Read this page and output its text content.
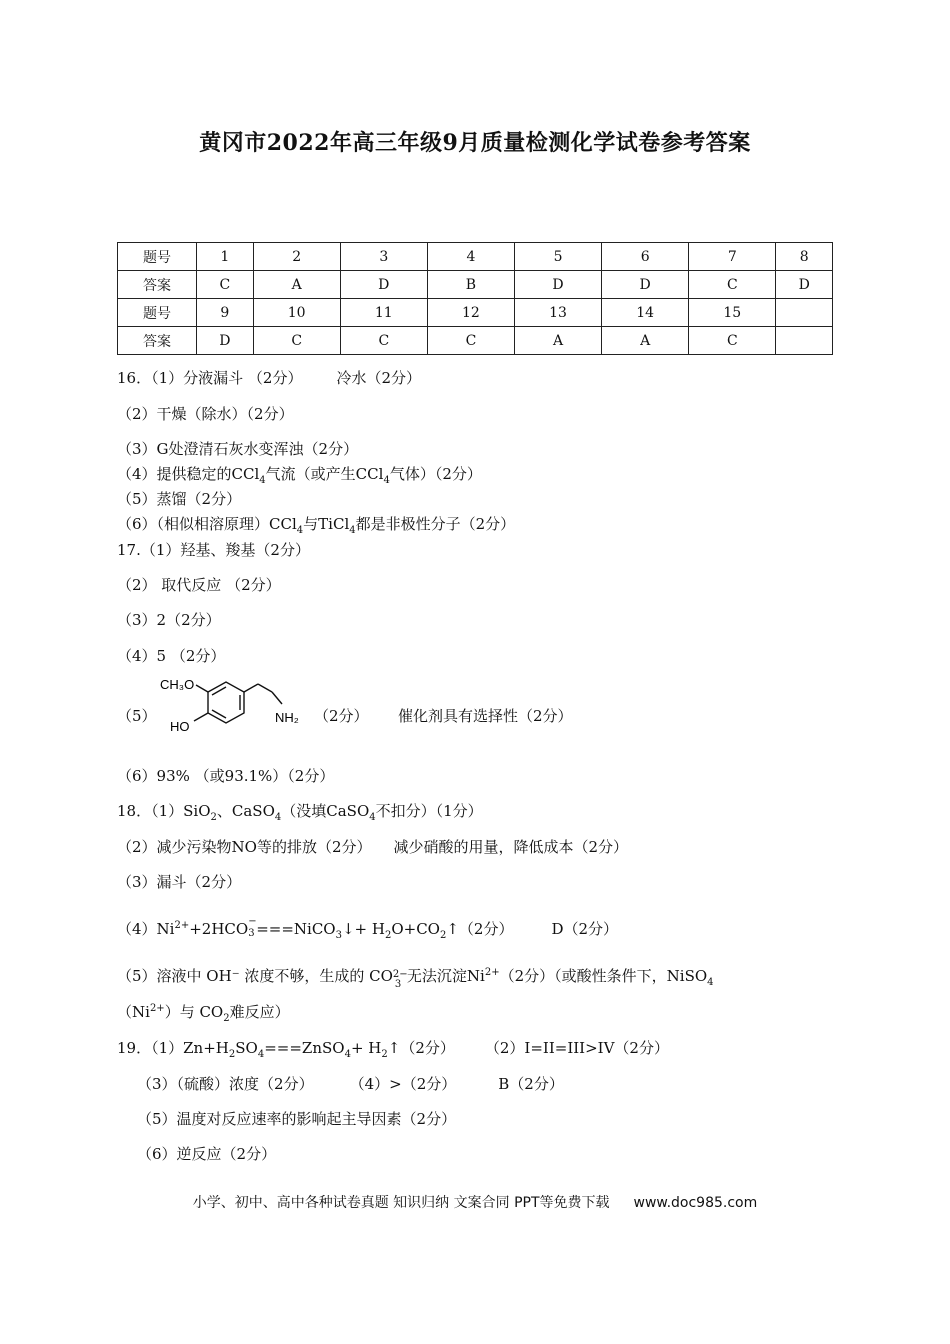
黄冈市2022年高三年级9月质量检测化学试卷参考答案
题号	1	2	3	4	5	6	7	8
答案	C	A	D	B	D	D	C	D
题号	9	10	11	12	13	14	15	
答案	D	C	C	C	A	A	C	
16．（1）分液漏斗 （2分） 冷水（2分）
（2）干燥（除水）（2分）
（3）G处澄清石灰水变浑浊（2分）
（4）提供稳定的CCl$_4$气流（或产生CCl$_4$气体）（2分）
（5）蒸馏（2分）
（6）（相似相溶原理）CCl$_4$与TiCl$_4$都是非极性分子（2分）
17.（1）羟基、羧基（2分）
（2） 取代反应 （2分）
（3）2（2分）
（4）5 （2分）
（5）
CH₃O
HO
NH₂ （2分） 催化剂具有选择性（2分）
（6）93% （或93.1%）（2分）
18．（1）SiO$_2$、CaSO$_4$（没填CaSO$_4$不扣分）（1分）
（2）减少污染物NO等的排放（2分） 减少硝酸的用量，降低成本（2分）
（3）漏斗（2分）
$(4)Ni^{2+}+2HCO$ −
3 ===NiCO$_3$↓+ $H_2O+CO_2↑(2$分）	D（2分）
（5）溶液中 OH⁻ 浓度不够，生成的 CO 2−
3 无法沉淀$Ni^{2+}(2$分）（或酸性条件下，NiSO$_4$
$(Ni^{2+})$与 $CO_2$难反应）
19．$(1)Zn+H_2SO_4===ZnSO_4+$ $H_2↑(2$分） （2）Ⅰ=II=III>IV（2分）
（3）（硫酸）浓度（2分） （4）>（2分）	B（2分）
（5）温度对反应速率的影响起主导因素（2分）
（6）逆反应（2分）
小学、初中、高中各种试卷真题 知识归纳 文案合同 PPT等免费下载 www.doc985.com
